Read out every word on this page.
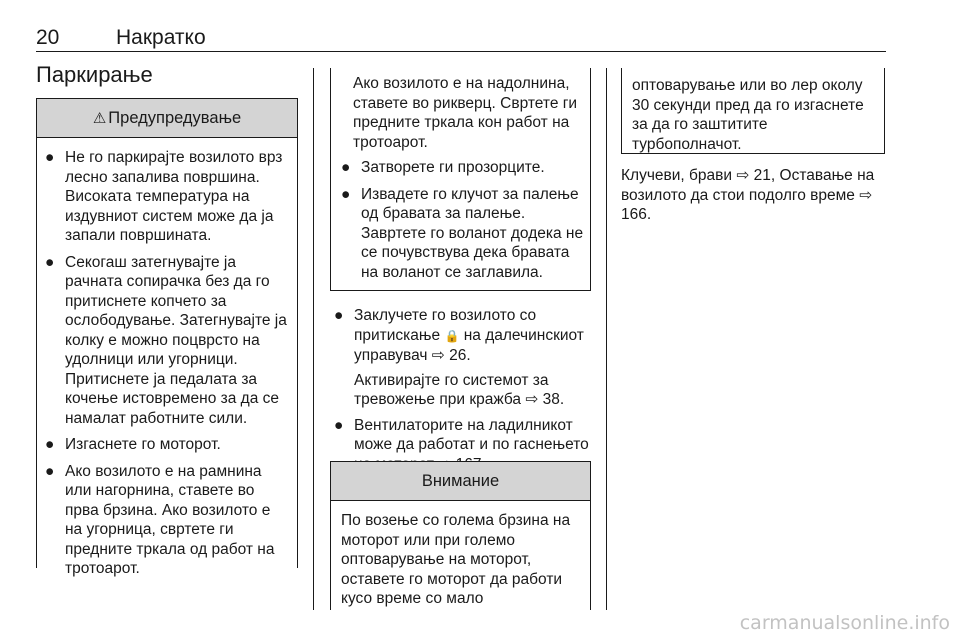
20	Накратко
Паркирање
⚠ Предупредување
● Не го паркирајте возилото врз лесно запалива површина. Високата температура на издувниот систем може да ја запали површината.
● Секогаш затегнувајте ја рачната сопирачка без да го притиснете копчето за ослободување. Затегнувајте ја колку е можно поцврсто на удолници или угорници. Притиснете ја педалата за кочење истовремено за да се намалат работните сили.
● Изгаснете го моторот.
● Ако возилото е на рамнина или нагорнина, ставете во прва брзина. Ако возилото е на угорница, свртете ги предните тркала од работ на тротоарот.
Ако возилото е на надолнина, ставете во рикверц. Свртете ги предните тркала кон работ на тротоарот.
● Затворете ги прозорците.
● Извадете го клучот за палење од бравата за палење. Завртете го воланот додека не се почувствува дека бравата на воланот се заглавила.
● Заклучете го возилото со притискање 🔒 на далечинскиот управувач ⇨ 26.
Активирајте го системот за тревожење при кражба ⇨ 38.
● Вентилаторите на ладилникот може да работат и по гаснењето
Внимание
По возење со голема брзина на моторот или при големо оптоварување на моторот, оставете го моторот да работи кусо време со мало
оптоварување или во лер околу 30 секунди пред да го изгаснете за да го заштитите турбополначот.
Клучеви, брави ⇨ 21, Оставање на возилото да стои подолго време ⇨ 166.
carmanualsonline.info
